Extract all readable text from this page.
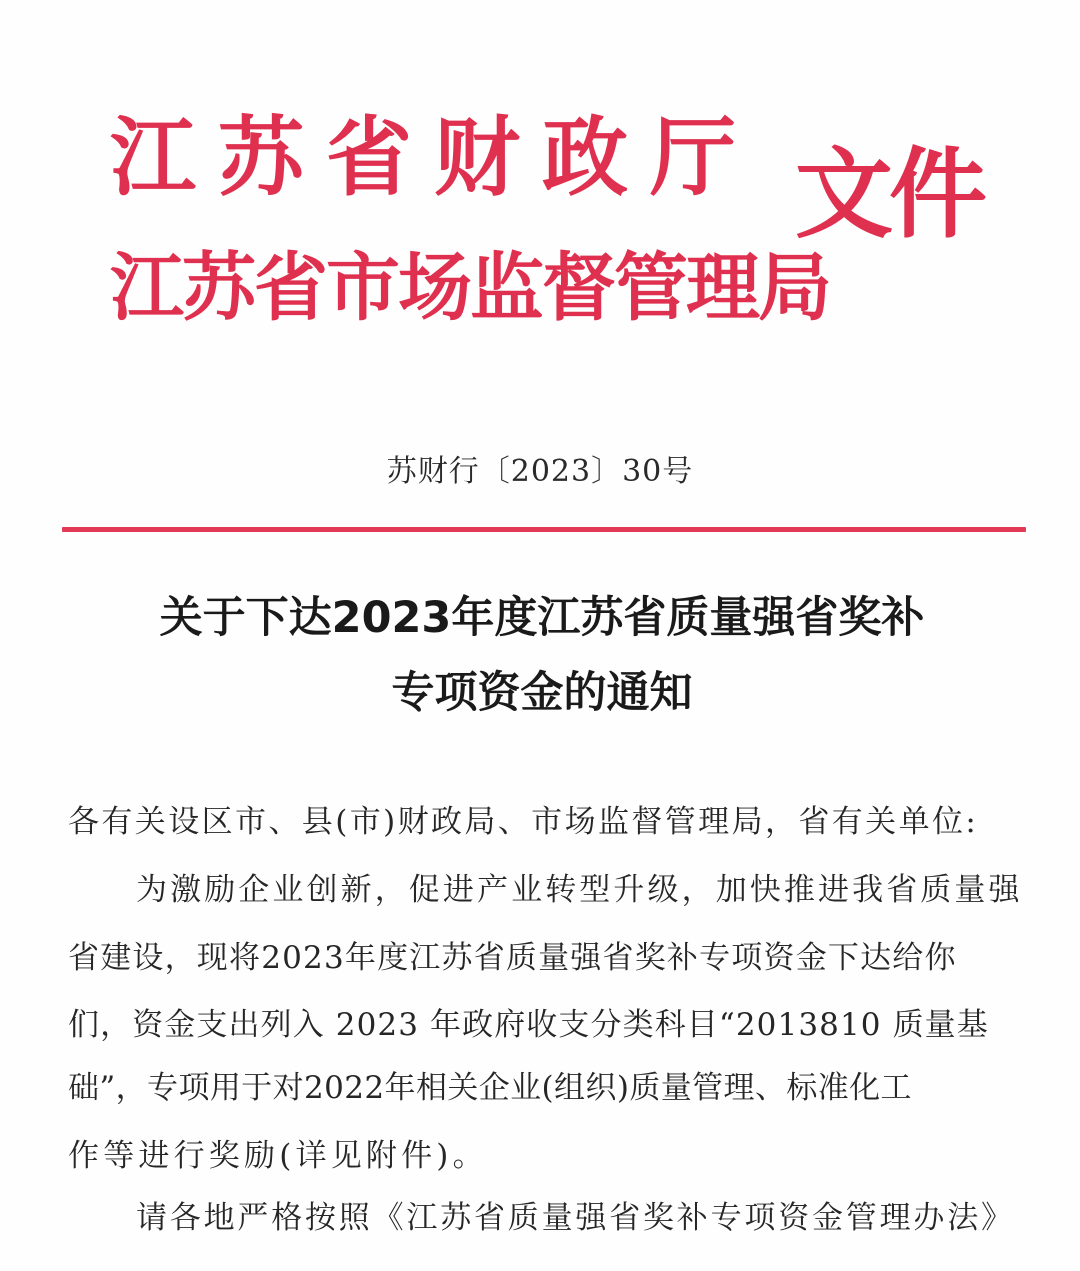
江苏省财政厅
江苏省市场监督管理局
文件
苏财行〔2023〕30号
关于下达2023年度江苏省质量强省奖补
专项资金的通知
各有关设区市、县(市)财政局、市场监督管理局，省有关单位:
为激励企业创新，促进产业转型升级，加快推进我省质量强
省建设，现将2023年度江苏省质量强省奖补专项资金下达给你
们，资金支出列入 2023 年政府收支分类科目“2013810 质量基
础”，专项用于对2022年相关企业(组织)质量管理、标准化工
作等进行奖励(详见附件)。
请各地严格按照《江苏省质量强省奖补专项资金管理办法》
